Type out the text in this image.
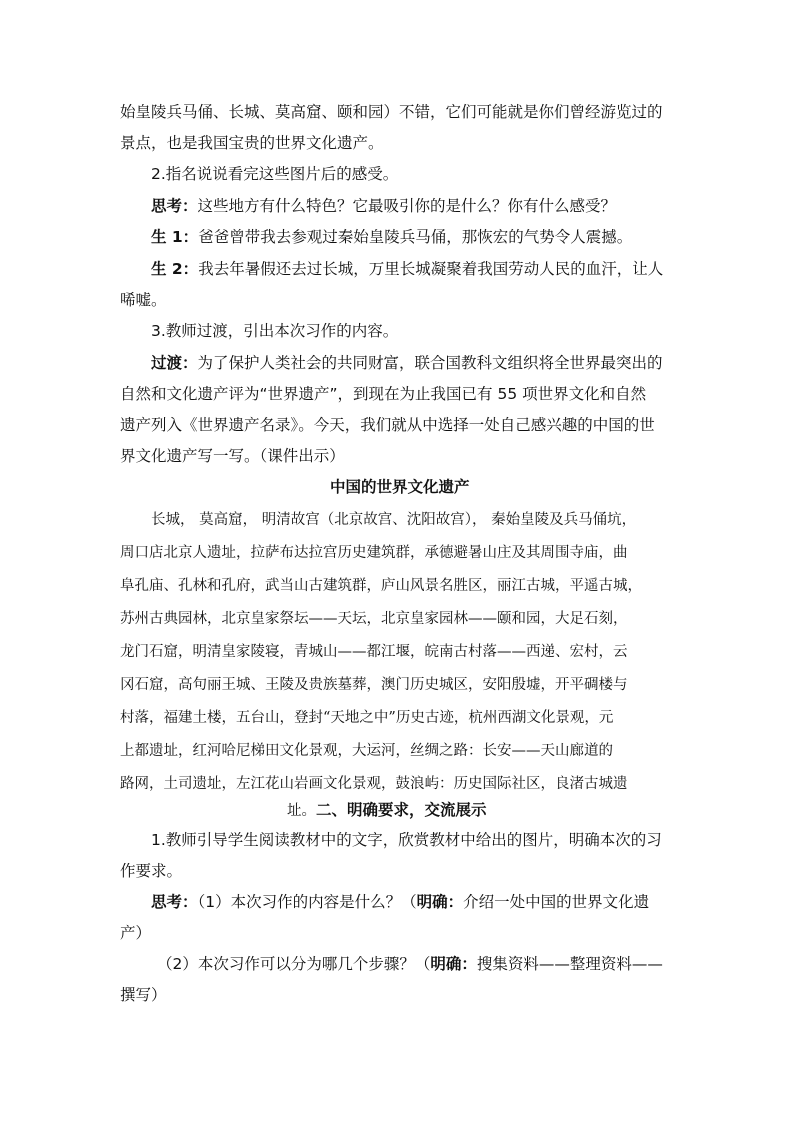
始皇陵兵马俑、长城、莫高窟、颐和园）不错，它们可能就是你们曾经游览过的
景点，也是我国宝贵的世界文化遗产。
2.指名说说看完这些图片后的感受。
思考：这些地方有什么特色？它最吸引你的是什么？你有什么感受？
生 1：爸爸曾带我去参观过秦始皇陵兵马俑，那恢宏的气势令人震撼。
生 2：我去年暑假还去过长城，万里长城凝聚着我国劳动人民的血汗，让人
唏嘘。
3.教师过渡，引出本次习作的内容。
过渡：为了保护人类社会的共同财富，联合国教科文组织将全世界最突出的
自然和文化遗产评为“世界遗产”，到现在为止我国已有 55 项世界文化和自然
遗产列入《世界遗产名录》。今天，我们就从中选择一处自己感兴趣的中国的世
界文化遗产写一写。（课件出示）
中国的世界文化遗产
长城， 莫高窟， 明清故宫（北京故宫、沈阳故宫）， 秦始皇陵及兵马俑坑，
周口店北京人遗址，拉萨布达拉宫历史建筑群，承德避暑山庄及其周围寺庙，曲
阜孔庙、孔林和孔府，武当山古建筑群，庐山风景名胜区，丽江古城，平遥古城，
苏州古典园林，北京皇家祭坛——天坛，北京皇家园林——颐和园，大足石刻，
龙门石窟，明清皇家陵寝，青城山——都江堰，皖南古村落——西递、宏村，云
冈石窟，高句丽王城、王陵及贵族墓葬，澳门历史城区，安阳殷墟，开平碉楼与
村落，福建土楼，五台山，登封“天地之中”历史古迹，杭州西湖文化景观，元
上都遗址，红河哈尼梯田文化景观，大运河，丝绸之路：长安——天山廊道的
路网，土司遗址，左江花山岩画文化景观，鼓浪屿：历史国际社区，良渚古城遗
址。二、明确要求，交流展示
1.教师引导学生阅读教材中的文字，欣赏教材中给出的图片，明确本次的习
作要求。
思考：（1）本次习作的内容是什么？（明确：介绍一处中国的世界文化遗
产）
（2）本次习作可以分为哪几个步骤？（明确：搜集资料——整理资料——
撰写）
